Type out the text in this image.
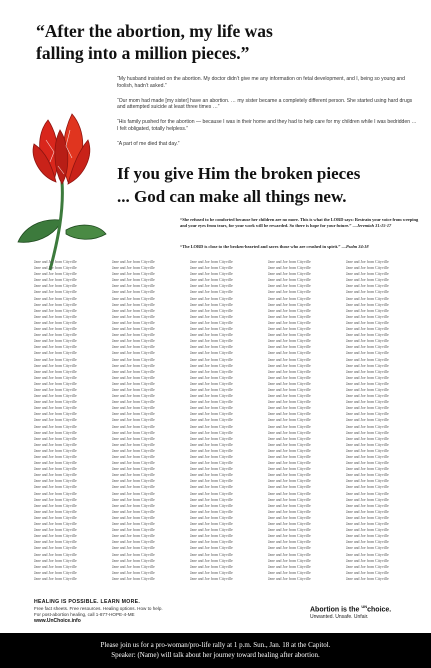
“After the abortion, my life was
falling into a million pieces.”

“My husband insisted on the abortion. My doctor didn’t give me any information on fetal development, and I, being so young and foolish, hadn’t asked.”

“Our mom had made [my sister] have an abortion. … my sister became a completely different person. She started using hard drugs and attempted suicide at least three times …”

“His family pushed for the abortion — because I was in their home and they had to help care for my children while I was bedridden … I felt obligated, totally helpless.”

“A part of me died that day.”

If you give Him the broken pieces
... God can make all things new.
“She refused to be comforted because her children are no more. This is what the LORD says: Restrain your voice from weeping and your eyes from tears, for your work will be rewarded. So there is hope for your future.” —Jeremiah 31:15-17
“The LORD is close to the broken-hearted and saves those who are crushed in spirit.” —Psalm 34:18
Jane and Joe from Cityville
Jane and Joe from Cityville
Jane and Joe from Cityville
Jane and Joe from Cityville
Jane and Joe from Cityville
Jane and Joe from Cityville
Jane and Joe from Cityville
Jane and Joe from Cityville
Jane and Joe from Cityville
Jane and Joe from Cityville
Jane and Joe from Cityville
Jane and Joe from Cityville
Jane and Joe from Cityville
Jane and Joe from Cityville
Jane and Joe from Cityville
Jane and Joe from Cityville
Jane and Joe from Cityville
Jane and Joe from Cityville
Jane and Joe from Cityville
Jane and Joe from Cityville
Jane and Joe from Cityville
Jane and Joe from Cityville
Jane and Joe from Cityville
Jane and Joe from Cityville
Jane and Joe from Cityville
Jane and Joe from Cityville
Jane and Joe from Cityville
Jane and Joe from Cityville
Jane and Joe from Cityville
Jane and Joe from Cityville
Jane and Joe from Cityville
Jane and Joe from Cityville
Jane and Joe from Cityville
Jane and Joe from Cityville
Jane and Joe from Cityville
Jane and Joe from Cityville
Jane and Joe from Cityville
Jane and Joe from Cityville
Jane and Joe from Cityville
Jane and Joe from Cityville
Jane and Joe from Cityville
Jane and Joe from Cityville
Jane and Joe from Cityville
Jane and Joe from Cityville
Jane and Joe from Cityville
Jane and Joe from Cityville
Jane and Joe from Cityville
Jane and Joe from Cityville
Jane and Joe from Cityville
Jane and Joe from Cityville
Jane and Joe from Cityville
Jane and Joe from Cityville
Jane and Joe from Cityville
Jane and Joe from Cityville
Jane and Joe from Cityville
Jane and Joe from Cityville
Jane and Joe from Cityville
Jane and Joe from Cityville
Jane and Joe from Cityville
Jane and Joe from Cityville
Jane and Joe from Cityville
Jane and Joe from Cityville
Jane and Joe from Cityville
Jane and Joe from Cityville
Jane and Joe from Cityville
Jane and Joe from Cityville
Jane and Joe from Cityville
Jane and Joe from Cityville
Jane and Joe from Cityville
Jane and Joe from Cityville
Jane and Joe from Cityville
Jane and Joe from Cityville
Jane and Joe from Cityville
Jane and Joe from Cityville
Jane and Joe from Cityville
Jane and Joe from Cityville
Jane and Joe from Cityville
Jane and Joe from Cityville
Jane and Joe from Cityville
Jane and Joe from Cityville
Jane and Joe from Cityville
Jane and Joe from Cityville
Jane and Joe from Cityville
Jane and Joe from Cityville
Jane and Joe from Cityville
Jane and Joe from Cityville
Jane and Joe from Cityville
Jane and Joe from Cityville
Jane and Joe from Cityville
Jane and Joe from Cityville
Jane and Joe from Cityville
Jane and Joe from Cityville
Jane and Joe from Cityville
Jane and Joe from Cityville
Jane and Joe from Cityville
Jane and Joe from Cityville
Jane and Joe from Cityville
Jane and Joe from Cityville
Jane and Joe from Cityville
Jane and Joe from Cityville
Jane and Joe from Cityville
Jane and Joe from Cityville
Jane and Joe from Cityville
Jane and Joe from Cityville
Jane and Joe from Cityville
Jane and Joe from Cityville
Jane and Joe from Cityville
Jane and Joe from Cityville
Jane and Joe from Cityville
Jane and Joe from Cityville
Jane and Joe from Cityville
Jane and Joe from Cityville
Jane and Joe from Cityville
Jane and Joe from Cityville
Jane and Joe from Cityville
Jane and Joe from Cityville
Jane and Joe from Cityville
Jane and Joe from Cityville
Jane and Joe from Cityville
Jane and Joe from Cityville
Jane and Joe from Cityville
Jane and Joe from Cityville
Jane and Joe from Cityville
Jane and Joe from Cityville
Jane and Joe from Cityville
Jane and Joe from Cityville
Jane and Joe from Cityville
Jane and Joe from Cityville
Jane and Joe from Cityville
Jane and Joe from Cityville
Jane and Joe from Cityville
Jane and Joe from Cityville
Jane and Joe from Cityville
Jane and Joe from Cityville
Jane and Joe from Cityville
Jane and Joe from Cityville
Jane and Joe from Cityville
Jane and Joe from Cityville
Jane and Joe from Cityville
Jane and Joe from Cityville
Jane and Joe from Cityville
Jane and Joe from Cityville
Jane and Joe from Cityville
Jane and Joe from Cityville
Jane and Joe from Cityville
Jane and Joe from Cityville
Jane and Joe from Cityville
Jane and Joe from Cityville
Jane and Joe from Cityville
Jane and Joe from Cityville
Jane and Joe from Cityville
Jane and Joe from Cityville
Jane and Joe from Cityville
Jane and Joe from Cityville
Jane and Joe from Cityville
Jane and Joe from Cityville
Jane and Joe from Cityville
Jane and Joe from Cityville
Jane and Joe from Cityville
Jane and Joe from Cityville
Jane and Joe from Cityville
Jane and Joe from Cityville
Jane and Joe from Cityville
Jane and Joe from Cityville
Jane and Joe from Cityville
Jane and Joe from Cityville
Jane and Joe from Cityville
Jane and Joe from Cityville
Jane and Joe from Cityville
Jane and Joe from Cityville
Jane and Joe from Cityville
Jane and Joe from Cityville
Jane and Joe from Cityville
Jane and Joe from Cityville
Jane and Joe from Cityville
Jane and Joe from Cityville
Jane and Joe from Cityville
Jane and Joe from Cityville
Jane and Joe from Cityville
Jane and Joe from Cityville
Jane and Joe from Cityville
Jane and Joe from Cityville
Jane and Joe from Cityville
Jane and Joe from Cityville
Jane and Joe from Cityville
Jane and Joe from Cityville
Jane and Joe from Cityville
Jane and Joe from Cityville
Jane and Joe from Cityville
Jane and Joe from Cityville
Jane and Joe from Cityville
Jane and Joe from Cityville
Jane and Joe from Cityville
Jane and Joe from Cityville
Jane and Joe from Cityville
Jane and Joe from Cityville
Jane and Joe from Cityville
Jane and Joe from Cityville
Jane and Joe from Cityville
Jane and Joe from Cityville
Jane and Joe from Cityville
Jane and Joe from Cityville
Jane and Joe from Cityville
Jane and Joe from Cityville
Jane and Joe from Cityville
Jane and Joe from Cityville
Jane and Joe from Cityville
Jane and Joe from Cityville
Jane and Joe from Cityville
Jane and Joe from Cityville
Jane and Joe from Cityville
Jane and Joe from Cityville
Jane and Joe from Cityville
Jane and Joe from Cityville
Jane and Joe from Cityville
Jane and Joe from Cityville
Jane and Joe from Cityville
Jane and Joe from Cityville
Jane and Joe from Cityville
Jane and Joe from Cityville
Jane and Joe from Cityville
Jane and Joe from Cityville
Jane and Joe from Cityville
Jane and Joe from Cityville
Jane and Joe from Cityville
Jane and Joe from Cityville
Jane and Joe from Cityville
Jane and Joe from Cityville
Jane and Joe from Cityville
Jane and Joe from Cityville
Jane and Joe from Cityville
Jane and Joe from Cityville
Jane and Joe from Cityville
Jane and Joe from Cityville
Jane and Joe from Cityville
Jane and Joe from Cityville
Jane and Joe from Cityville
Jane and Joe from Cityville
Jane and Joe from Cityville
Jane and Joe from Cityville
Jane and Joe from Cityville
Jane and Joe from Cityville
Jane and Joe from Cityville
Jane and Joe from Cityville
Jane and Joe from Cityville
Jane and Joe from Cityville
Jane and Joe from Cityville
Jane and Joe from Cityville
Jane and Joe from Cityville
Jane and Joe from Cityville
Jane and Joe from Cityville
Jane and Joe from Cityville
Jane and Joe from Cityville
Jane and Joe from Cityville
Jane and Joe from Cityville
Jane and Joe from Cityville
Jane and Joe from Cityville
Jane and Joe from Cityville
Jane and Joe from Cityville
Jane and Joe from Cityville
Jane and Joe from Cityville
Jane and Joe from Cityville
Jane and Joe from Cityville
Jane and Joe from Cityville
Jane and Joe from Cityville
HEALING IS POSSIBLE. LEARN MORE.
Free fact sheets. Free resources. Healing options. How to help.
For post-abortion healing, call 1-877-HOPE-4-ME
www.UnChoice.info
Abortion is the $^{UN}$choice.
Unwanted. Unsafe. Unfair.
Please join us for a pro-woman/pro-life rally at 1 p.m. Sun., Jan. 18 at the Capitol.
Speaker: (Name) will talk about her journey toward healing after abortion.
